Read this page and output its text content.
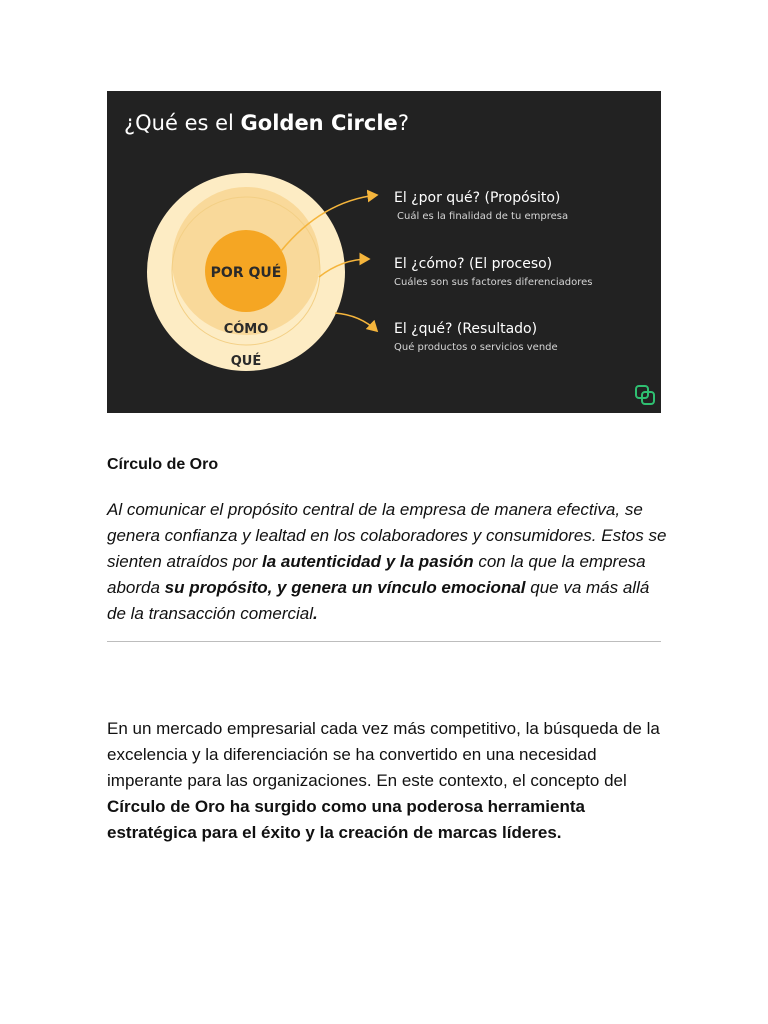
¿Qué es el Golden Circle?
POR QUÉ
CÓMO
QUÉ
El ¿por qué? (Propósito)
Cuál es la finalidad de tu empresa
El ¿cómo? (El proceso)
Cuáles son sus factores diferenciadores
El ¿qué? (Resultado)
Qué productos o servicios vende
Círculo de Oro
Al comunicar el propósito central de la empresa de manera efectiva, se genera confianza y lealtad en los colaboradores y consumidores. Estos se sienten atraídos por la autenticidad y la pasión con la que la empresa aborda su propósito, y genera un vínculo emocional que va más allá de la transacción comercial.
En un mercado empresarial cada vez más competitivo, la búsqueda de la excelencia y la diferenciación se ha convertido en una necesidad imperante para las organizaciones. En este contexto, el concepto del Círculo de Oro ha surgido como una poderosa herramienta estratégica para el éxito y la creación de marcas líderes.
